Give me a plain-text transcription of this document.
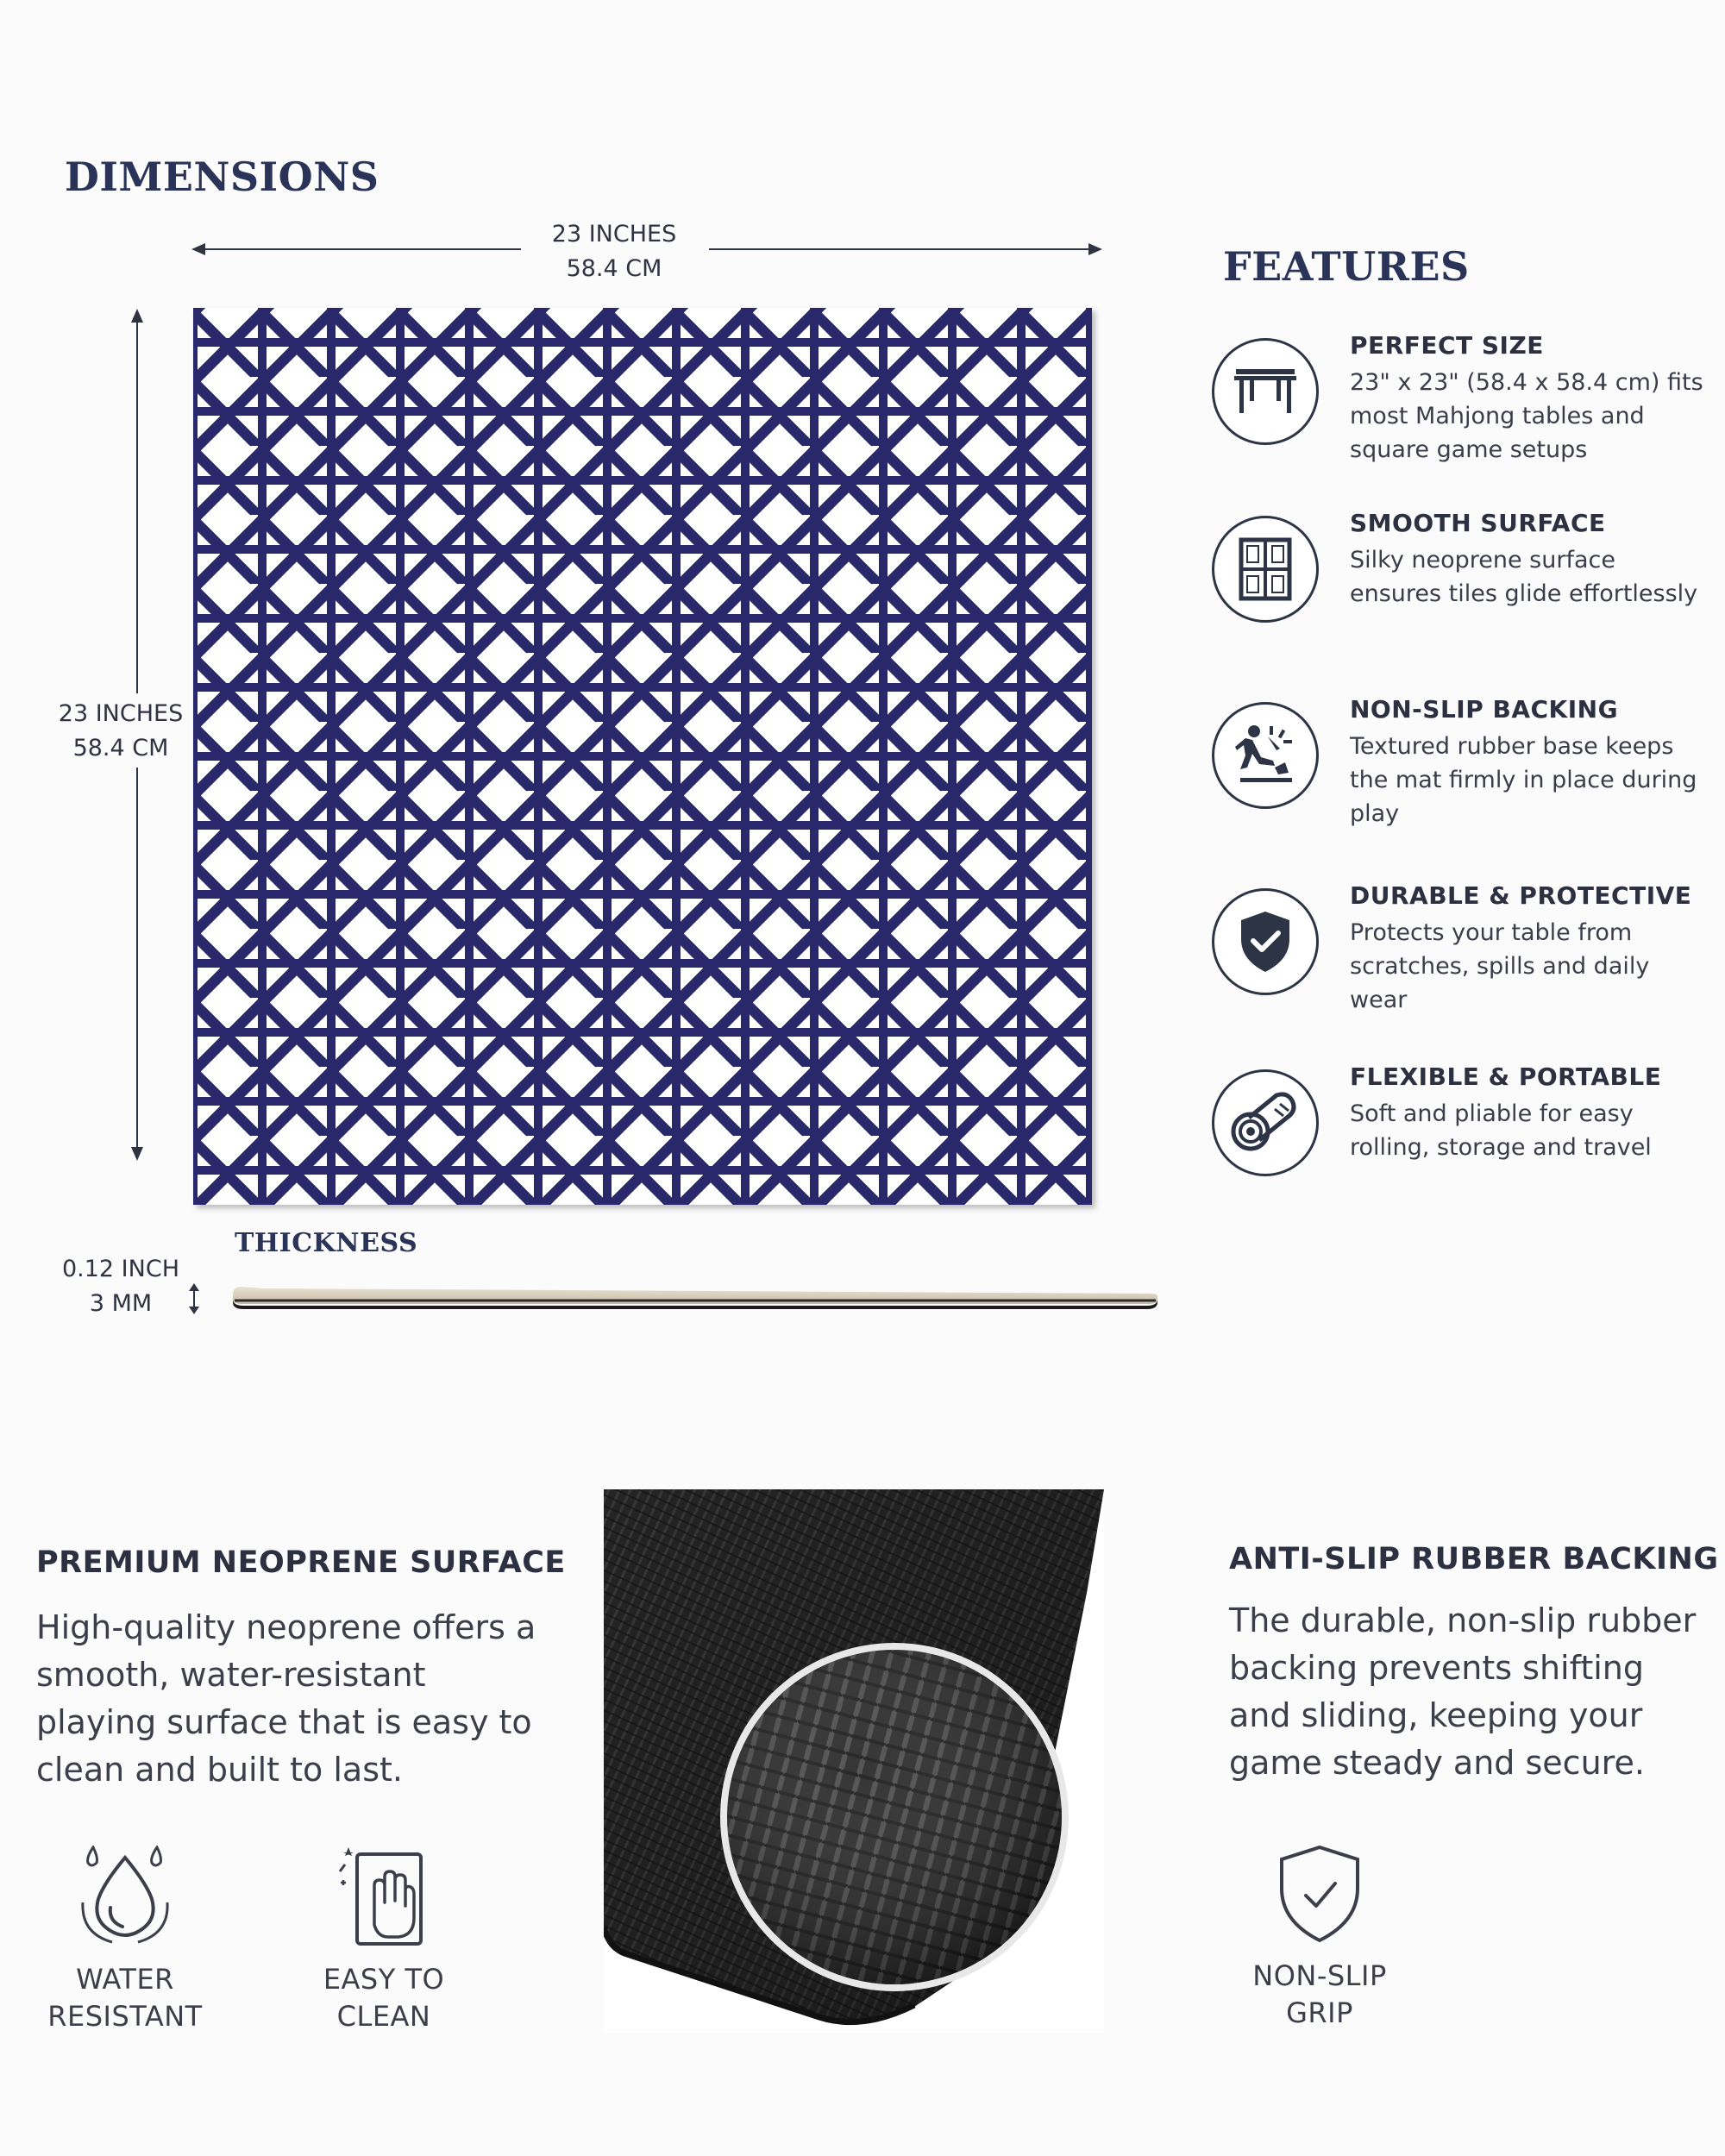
DIMENSIONS
23 INCHES
58.4 CM
23 INCHES
58.4 CM
THICKNESS
0.12 INCH
3 MM
FEATURES
PERFECT SIZE
23" x 23" (58.4 x 58.4 cm) fits most Mahjong tables and square game setups
SMOOTH SURFACE
Silky neoprene surface ensures tiles glide effortlessly
NON-SLIP BACKING
Textured rubber base keeps the mat firmly in place during play
DURABLE & PROTECTIVE
Protects your table from scratches, spills and daily wear
FLEXIBLE & PORTABLE
Soft and pliable for easy rolling, storage and travel
PREMIUM NEOPRENE SURFACE
High-quality neoprene offers a smooth, water-resistant playing surface that is easy to clean and built to last.
WATER
RESISTANT
EASY TO
CLEAN
ANTI-SLIP RUBBER BACKING
The durable, non-slip rubber backing prevents shifting and sliding, keeping your game steady and secure.
NON-SLIP
GRIP
